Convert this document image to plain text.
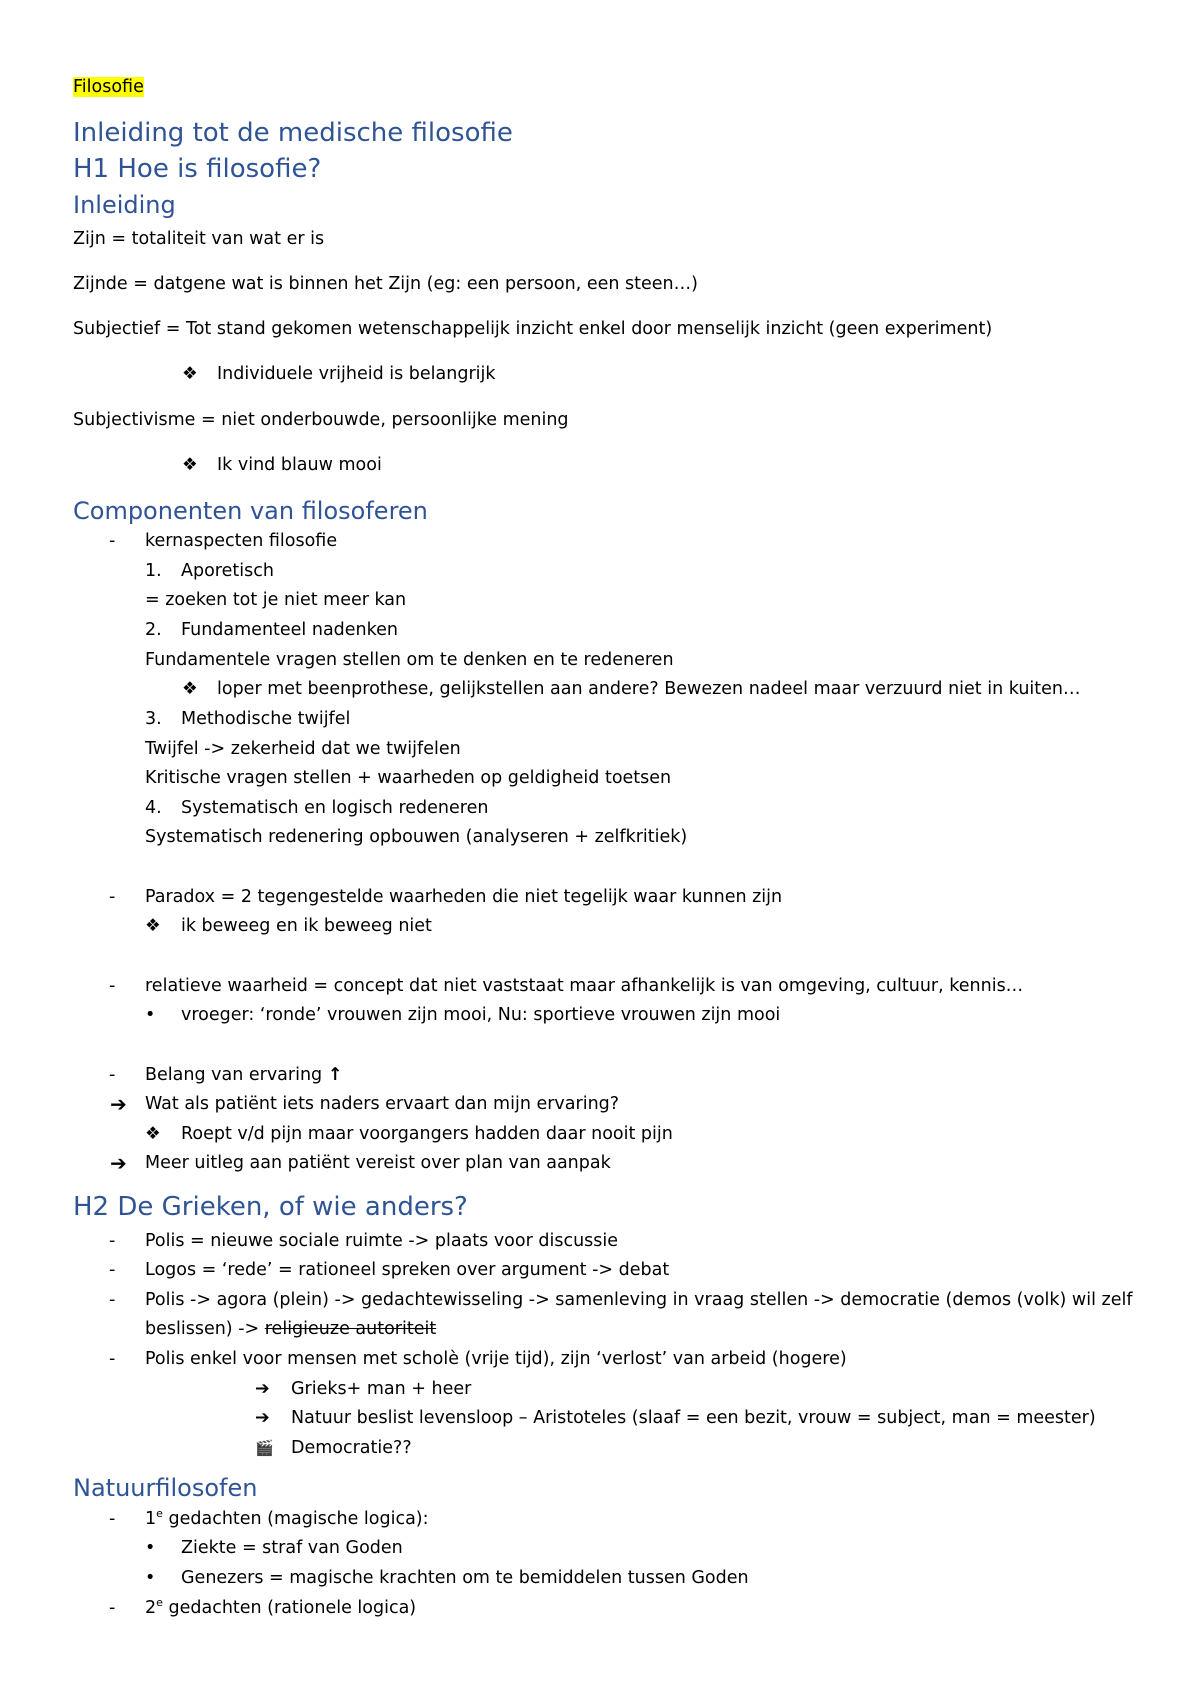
Filosofie
Inleiding tot de medische filosofie
H1 Hoe is filosofie?
Inleiding
Zijn = totaliteit van wat er is
Zijnde = datgene wat is binnen het Zijn (eg: een persoon, een steen…)
Subjectief = Tot stand gekomen wetenschappelijk inzicht enkel door menselijk inzicht (geen experiment)
❖ Individuele vrijheid is belangrijk
Subjectivisme = niet onderbouwde, persoonlijke mening
❖ Ik vind blauw mooi
Componenten van filosoferen
- kernaspecten filosofie
1. Aporetisch
= zoeken tot je niet meer kan
2. Fundamenteel nadenken
Fundamentele vragen stellen om te denken en te redeneren
❖ loper met beenprothese, gelijkstellen aan andere? Bewezen nadeel maar verzuurd niet in kuiten…
3. Methodische twijfel
Twijfel -> zekerheid dat we twijfelen
Kritische vragen stellen + waarheden op geldigheid toetsen
4. Systematisch en logisch redeneren
Systematisch redenering opbouwen (analyseren + zelfkritiek)
- Paradox = 2 tegengestelde waarheden die niet tegelijk waar kunnen zijn
❖ ik beweeg en ik beweeg niet
- relatieve waarheid = concept dat niet vaststaat maar afhankelijk is van omgeving, cultuur, kennis…
• vroeger: ‘ronde’ vrouwen zijn mooi, Nu: sportieve vrouwen zijn mooi
- Belang van ervaring ↑
➔ Wat als patiënt iets naders ervaart dan mijn ervaring?
❖ Roept v/d pijn maar voorgangers hadden daar nooit pijn
➔ Meer uitleg aan patiënt vereist over plan van aanpak
H2 De Grieken, of wie anders?
- Polis = nieuwe sociale ruimte -> plaats voor discussie
- Logos = ‘rede’ = rationeel spreken over argument -> debat
- Polis -> agora (plein) -> gedachtewisseling -> samenleving in vraag stellen -> democratie (demos (volk) wil zelf
beslissen) -> religieuze autoriteit
- Polis enkel voor mensen met scholè (vrije tijd), zijn ‘verlost’ van arbeid (hogere)
➔ Grieks+ man + heer
➔ Natuur beslist levensloop – Aristoteles (slaaf = een bezit, vrouw = subject, man = meester)
🎬 Democratie??
Natuurfilosofen
- 1e gedachten (magische logica):
• Ziekte = straf van Goden
• Genezers = magische krachten om te bemiddelen tussen Goden
- 2e gedachten (rationele logica)
